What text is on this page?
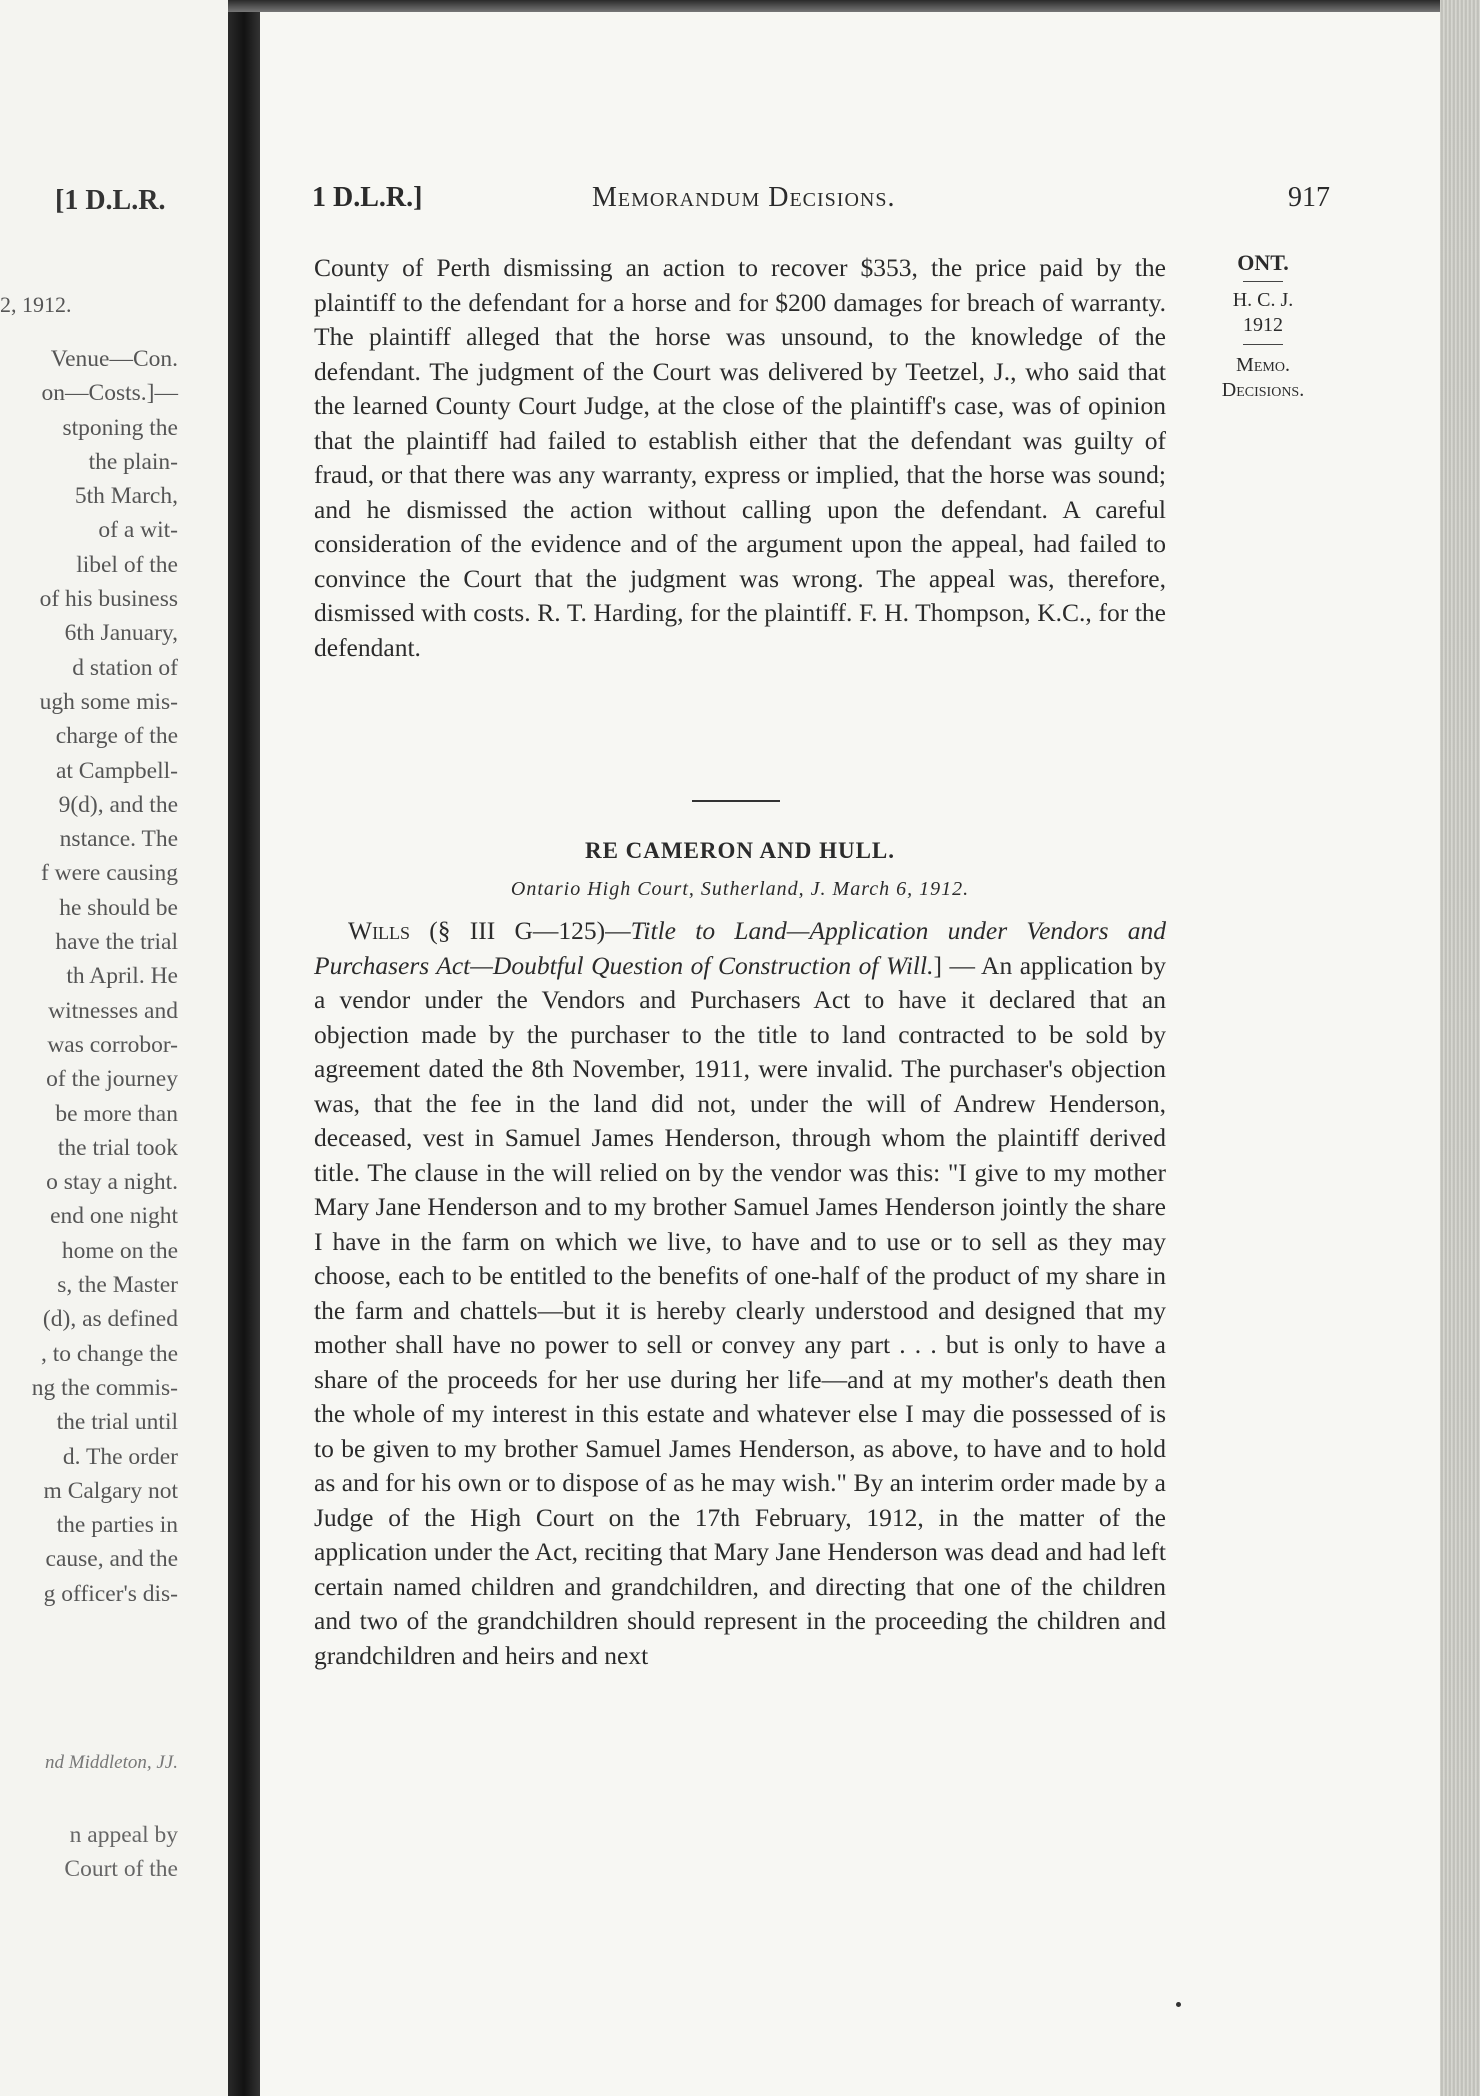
[1 D.L.R.
2, 1912.
Venue—Con.
on—Costs.]—
stponing the
the plain-
5th March,
of a wit-
libel of the
of his business
6th January,
d station of
ugh some mis-
charge of the
at Campbell-
9(d), and the
nstance. The
f were causing
he should be
have the trial
th April. He
witnesses and
was corrobor-
of the journey
be more than
the trial took
o stay a night.
end one night
home on the
s, the Master
(d), as defined
, to change the
ng the commis-
the trial until
d. The order
m Calgary not
the parties in
cause, and the
g officer's dis-
nd Middleton, JJ.
n appeal by
Court of the
1 D.L.R.]	Memorandum Decisions.	917
ONT.
H. C. J.
1912
Memo.
Decisions.
County of Perth dismissing an action to recover $353, the price paid by the plaintiff to the defendant for a horse and for $200 damages for breach of warranty. The plaintiff alleged that the horse was unsound, to the knowledge of the defendant. The judgment of the Court was delivered by Teetzel, J., who said that the learned County Court Judge, at the close of the plaintiff's case, was of opinion that the plaintiff had failed to establish either that the defendant was guilty of fraud, or that there was any warranty, express or implied, that the horse was sound; and he dismissed the action without calling upon the defendant. A careful consideration of the evidence and of the argument upon the appeal, had failed to convince the Court that the judgment was wrong. The appeal was, therefore, dismissed with costs. R. T. Harding, for the plaintiff. F. H. Thompson, K.C., for the defendant.
RE CAMERON AND HULL.
Ontario High Court, Sutherland, J. March 6, 1912.
Wills (§ III G—125)—Title to Land—Application under Vendors and Purchasers Act—Doubtful Question of Construction of Will.] — An application by a vendor under the Vendors and Purchasers Act to have it declared that an objection made by the purchaser to the title to land contracted to be sold by agreement dated the 8th November, 1911, were invalid. The purchaser's objection was, that the fee in the land did not, under the will of Andrew Henderson, deceased, vest in Samuel James Henderson, through whom the plaintiff derived title. The clause in the will relied on by the vendor was this: "I give to my mother Mary Jane Henderson and to my brother Samuel James Henderson jointly the share I have in the farm on which we live, to have and to use or to sell as they may choose, each to be entitled to the benefits of one-half of the product of my share in the farm and chattels—but it is hereby clearly understood and designed that my mother shall have no power to sell or convey any part . . . but is only to have a share of the proceeds for her use during her life—and at my mother's death then the whole of my interest in this estate and whatever else I may die possessed of is to be given to my brother Samuel James Henderson, as above, to have and to hold as and for his own or to dispose of as he may wish." By an interim order made by a Judge of the High Court on the 17th February, 1912, in the matter of the application under the Act, reciting that Mary Jane Henderson was dead and had left certain named children and grandchildren, and directing that one of the children and two of the grandchildren should represent in the proceeding the children and grandchildren and heirs and next
